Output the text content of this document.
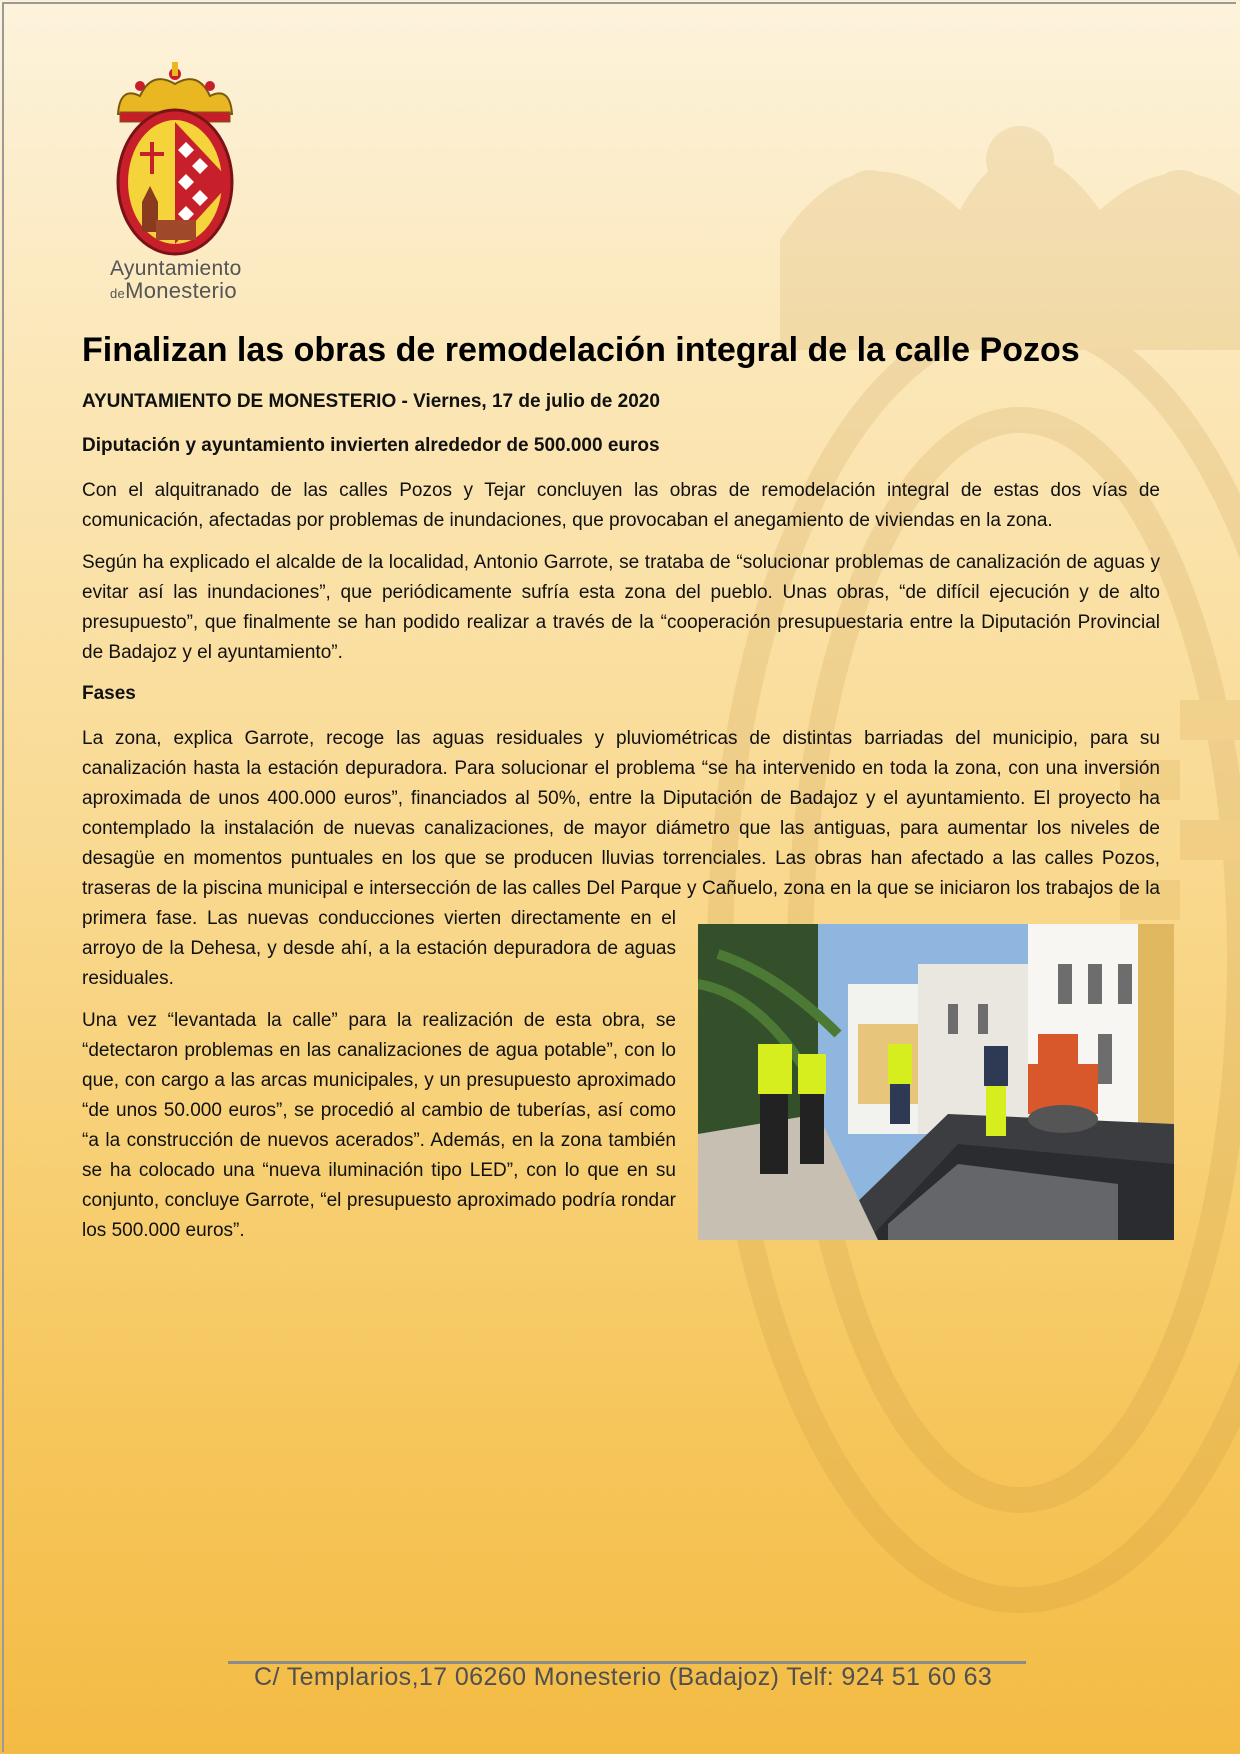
Ayuntamiento
deMonesterio
Finalizan las obras de remodelación integral de la calle Pozos
AYUNTAMIENTO DE MONESTERIO - Viernes, 17 de julio de 2020
Diputación y ayuntamiento invierten alrededor de 500.000 euros

Con el alquitranado de las calles Pozos y Tejar concluyen las obras de remodelación integral de estas dos vías de comunicación, afectadas por problemas de inundaciones, que provocaban el anegamiento de viviendas en la zona.

Según ha explicado el alcalde de la localidad, Antonio Garrote, se trataba de “solucionar problemas de canalización de aguas y evitar así las inundaciones”, que periódicamente sufría esta zona del pueblo. Unas obras, “de difícil ejecución y de alto presupuesto”, que finalmente se han podido realizar a través de la “cooperación presupuestaria entre la Diputación Provincial de Badajoz y el ayuntamiento”.

Fases

La zona, explica Garrote, recoge las aguas residuales y pluviométricas de distintas barriadas del municipio, para su canalización hasta la estación depuradora. Para solucionar el problema “se ha intervenido en toda la zona, con una inversión aproximada de unos 400.000 euros”, financiados al 50%, entre la Diputación de Badajoz y el ayuntamiento. El proyecto ha contemplado la instalación de nuevas canalizaciones, de mayor diámetro que las antiguas, para aumentar los niveles de desagüe en momentos puntuales en los que se producen lluvias torrenciales. Las obras han afectado a las calles Pozos, traseras de la piscina municipal e intersección de las calles Del Parque y Cañuelo, zona en la que se iniciaron los trabajos de la primera fase. Las nuevas conducciones vierten directamente en el arroyo de la Dehesa, y desde ahí, a la estación depuradora de aguas residuales.

Una vez “levantada la calle” para la realización de esta obra, se “detectaron problemas en las canalizaciones de agua potable”, con lo que, con cargo a las arcas municipales, y un presupuesto aproximado “de unos 50.000 euros”, se procedió al cambio de tuberías, así como “a la construcción de nuevos acerados”. Además, en la zona también se ha colocado una “nueva iluminación tipo LED”, con lo que en su conjunto, concluye Garrote, “el presupuesto aproximado podría rondar los 500.000 euros”.

C/ Templarios,17 06260 Monesterio (Badajoz) Telf: 924 51 60 63
